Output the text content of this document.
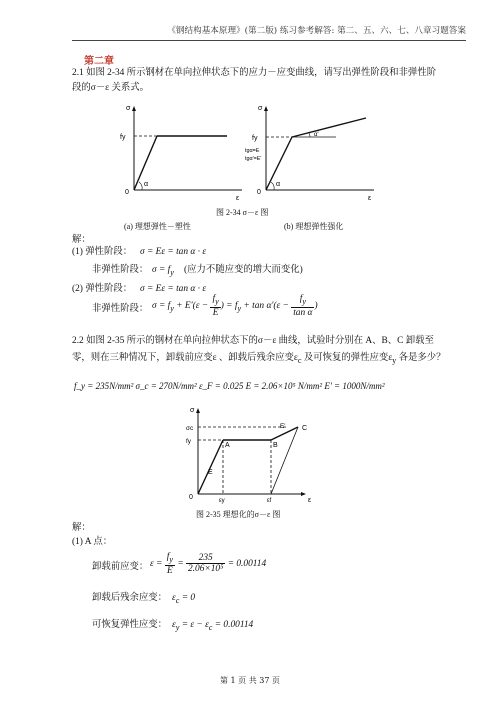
《钢结构基本原理》(第二版) 练习参考解答: 第二、五、六、七、八章习题答案
第二章
2.1 如图 2-34 所示钢材在单向拉伸状态下的应力－应变曲线，请写出弹性阶段和非弹性阶
段的σ－ε 关系式。
σ
ε
fy
0
α
σ
ε
fy
0
α
α'
tgα=E
tgα'=E'
图 2-34 σ－ε 图
(a) 理想弹性－塑性	(b) 理想弹性强化
解：
(1) 弹性阶段： σ = Eε = tan α · ε
非弹性阶段： $\sigma = f_y$ (应力不随应变的增大而变化)
(2) 弹性阶段： σ = Eε = tan α · ε
非弹性阶段： $\sigma = f_y + E'(\varepsilon - \frac{f_y}{E}$ ) = $f_y + \tan \alpha'(\varepsilon - \frac{f_y}{\text{tan α}}$ )
2.2 如图 2-35 所示的钢材在单向拉伸状态下的σ－ε 曲线，试验时分别在 A、B、C 卸载至
零，则在三种情况下，卸载前应变ε 、卸载后残余应变$\varepsilon_c$ 及可恢复的弹性应变$\varepsilon_y$ 各是多少？
f_y = 235N/mm² σ_c = 270N/mm² ε_F = 0.025 E = 2.06×10⁵ N/mm² E' = 1000N/mm²
σ
ε
σc
fy
0	εy	εf
A	B
C
E
E'
图 2-35 理想化的σ－ε 图
解：
(1) A 点：
卸载前应变： $\varepsilon = \frac{f_y}{E} = \frac{235}{\text{2.06×10⁵}} = 0.00114$
卸载后残余应变： $\varepsilon_c = 0$
可恢复弹性应变： $\varepsilon_y = \varepsilon - \varepsilon_c = 0.00114$
第 1 页 共 37 页
